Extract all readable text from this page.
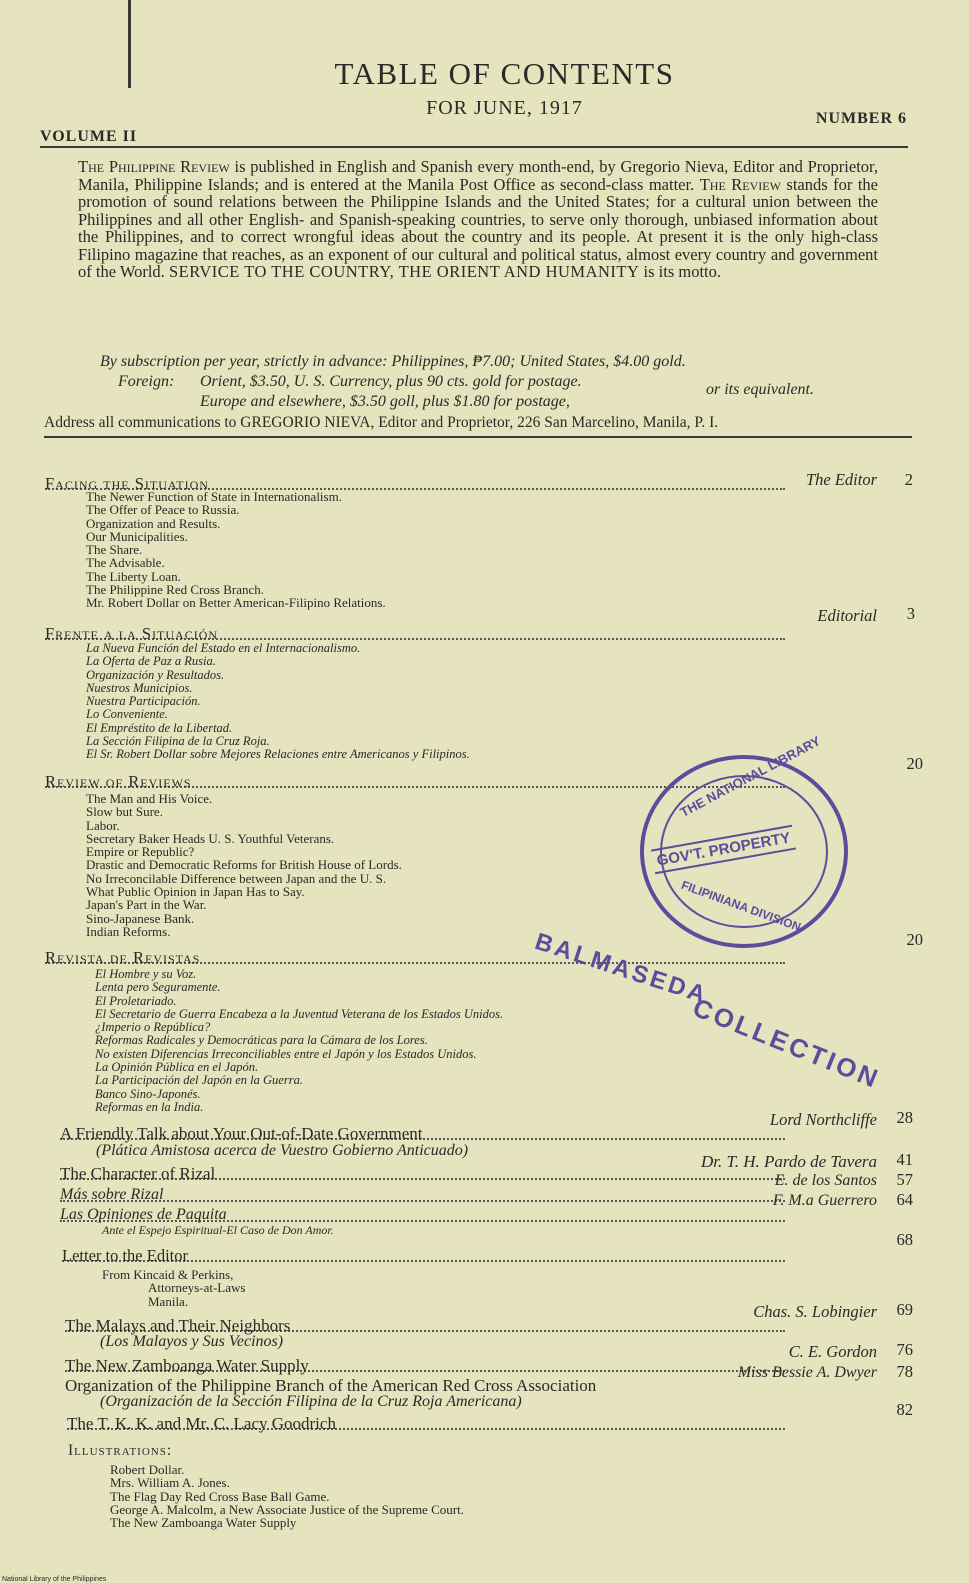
TABLE OF CONTENTS
FOR JUNE, 1917
VOLUME II
NUMBER 6
The Philippine Review is published in English and Spanish every month-end, by Gregorio Nieva, Editor and Proprietor, Manila, Philippine Islands; and is entered at the Manila Post Office as second-class matter. The Review stands for the promotion of sound relations between the Philippine Islands and the United States; for a cultural union between the Philippines and all other English- and Spanish-speaking countries, to serve only thorough, unbiased information about the Philippines, and to correct wrongful ideas about the country and its people. At present it is the only high-class Filipino magazine that reaches, as an exponent of our cultural and political status, almost every country and government of the World. SERVICE TO THE COUNTRY, THE ORIENT AND HUMANITY is its motto.
By subscription per year, strictly in advance: Philippines, ₱7.00; United States, $4.00 gold.
Foreign: Orient, $3.50, U. S. Currency, plus 90 cts. gold for postage.	or its equivalent.
Europe and elsewhere, $3.50 goll, plus $1.80 for postage,
Address all communications to GREGORIO NIEVA, Editor and Proprietor, 226 San Marcelino, Manila, P. I.
Facing the Situation	The Editor 2
The Newer Function of State in Internationalism.
The Offer of Peace to Russia.
Organization and Results.
Our Municipalities.
The Share.
The Advisable.
The Liberty Loan.
The Philippine Red Cross Branch.
Mr. Robert Dollar on Better American-Filipino Relations.
Frente a la Situación
Editorial 3
La Nueva Función del Estado en el Internacionalismo.
La Oferta de Paz a Rusia.
Organización y Resultados.
Nuestros Municipios.
Nuestra Participación.
Lo Conveniente.
El Empréstito de la Libertad.
La Sección Filipina de la Cruz Roja.
El Sr. Robert Dollar sobre Mejores Relaciones entre Americanos y Filipinos.
Review of Reviews
20
The Man and His Voice.
Slow but Sure.
Labor.
Secretary Baker Heads U. S. Youthful Veterans.
Empire or Republic?
Drastic and Democratic Reforms for British House of Lords.
No Irreconcilable Difference between Japan and the U. S.
What Public Opinion in Japan Has to Say.
Japan's Part in the War.
Sino-Japanese Bank.
Indian Reforms.
THE NATIONAL LIBRARY
GOV'T. PROPERTY
FILIPINIANA DIVISION
Revista de Revistas
20
El Hombre y su Voz.
Lenta pero Seguramente.
El Proletariado.
El Secretario de Guerra Encabeza a la Juventud Veterana de los Estados Unidos.
¿Imperio o República?
Reformas Radicales y Democráticas para la Cámara de los Lores.
No existen Diferencias Irreconciliables entre el Japón y los Estados Unidos.
La Opinión Pública en el Japón.
La Participación del Japón en la Guerra.
Banco Sino-Japonés.
Reformas en la India.
BALMASEDA
COLLECTION
A Friendly Talk about Your Out-of-Date Government
Lord Northcliffe 28
(Plática Amistosa acerca de Vuestro Gobierno Anticuado)
The Character of Rizal
Dr. T. H. Pardo de Tavera 41
Más sobre Rizal
E. de los Santos 57
Las Opiniones de Paquita
F. M.a Guerrero 64
Ante el Espejo Espiritual-El Caso de Don Amor.
Letter to the Editor
68
From Kincaid & Perkins,
Attorneys-at-Laws
Manila.
The Malays and Their Neighbors
Chas. S. Lobingier 69
(Los Malayos y Sus Vecinos)
The New Zamboanga Water Supply
C. E. Gordon 76
Organization of the Philippine Branch of the American Red Cross Association
Miss Bessie A. Dwyer 78
(Organización de la Sección Filipina de la Cruz Roja Americana)
The T. K. K. and Mr. C. Lacy Goodrich
82
Illustrations:
Robert Dollar.
Mrs. William A. Jones.
The Flag Day Red Cross Base Ball Game.
George A. Malcolm, a New Associate Justice of the Supreme Court.
The New Zamboanga Water Supply
National Library of the Philippines
